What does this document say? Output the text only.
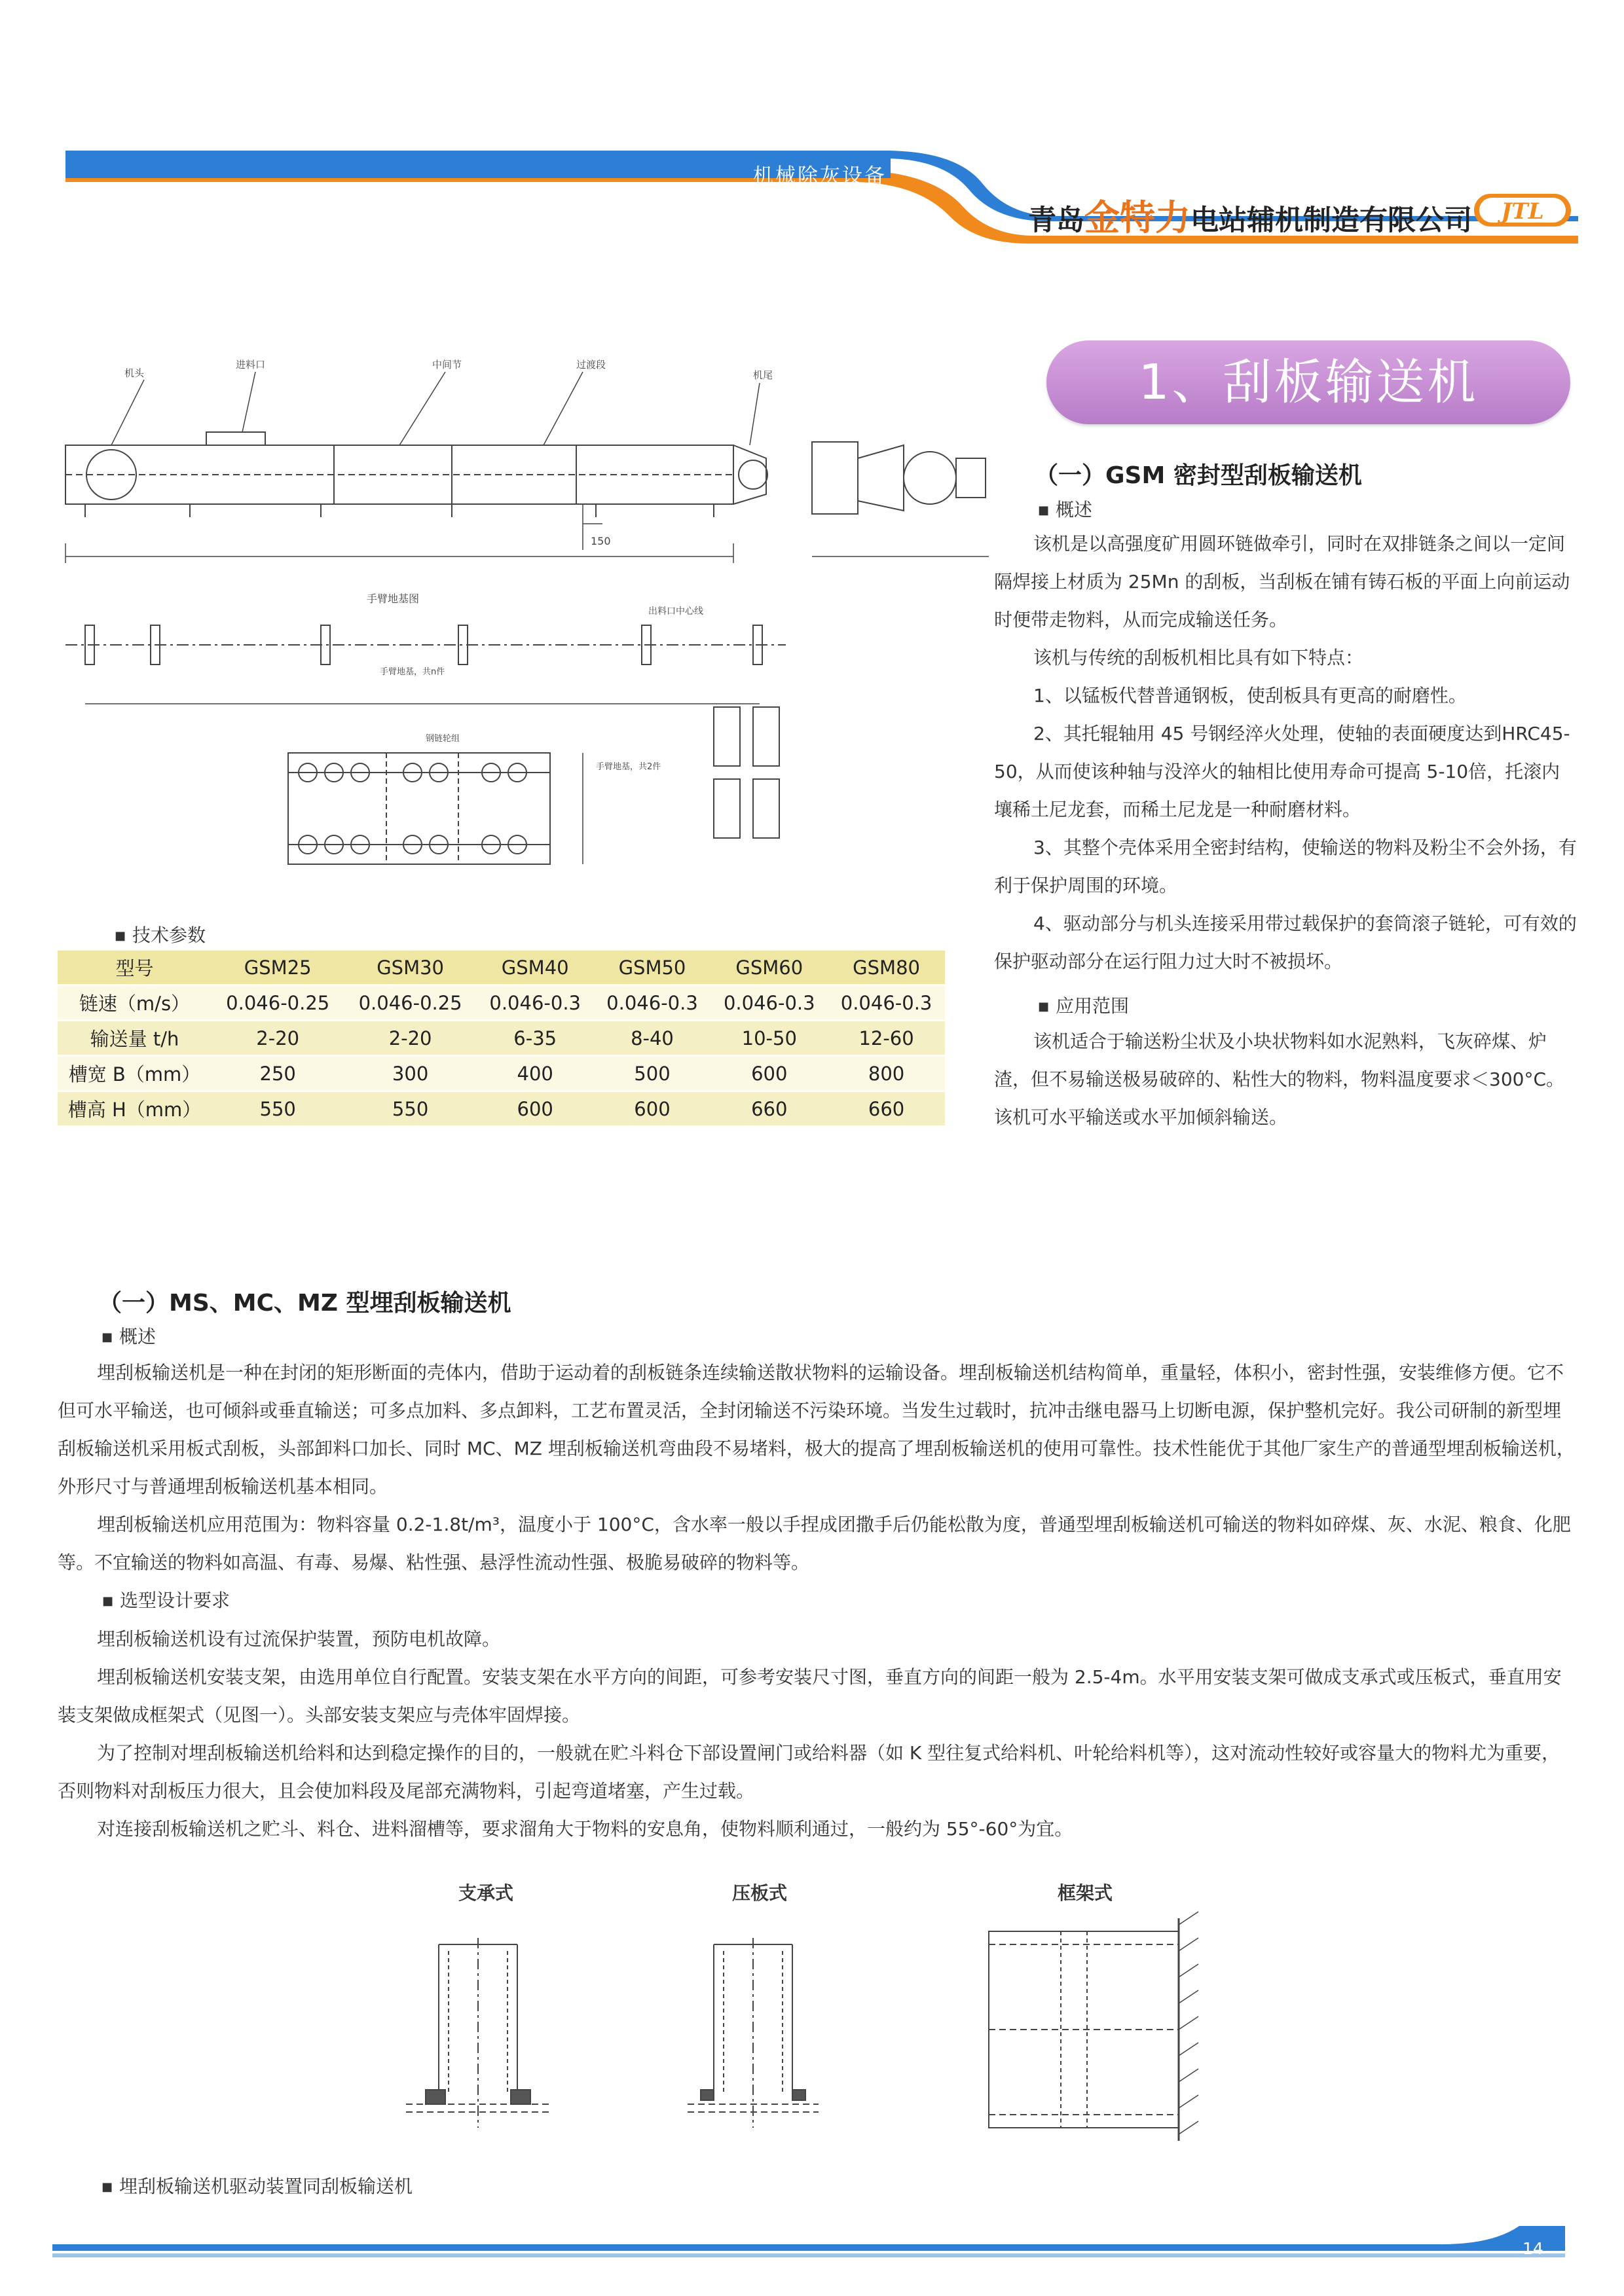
机械除灰设备
青岛金特力电站辅机制造有限公司 JTL
1、刮板输送机
（一）GSM 密封型刮板输送机
■ 概述

该机是以高强度矿用圆环链做牵引，同时在双排链条之间以一定间隔焊接上材质为 25Mn 的刮板，当刮板在铺有铸石板的平面上向前运动时便带走物料，从而完成输送任务。

该机与传统的刮板机相比具有如下特点：

1、以锰板代替普通钢板，使刮板具有更高的耐磨性。

2、其托辊轴用 45 号钢经淬火处理，使轴的表面硬度达到HRC45-50，从而使该种轴与没淬火的轴相比使用寿命可提高 5-10倍，托滚内壤稀土尼龙套，而稀土尼龙是一种耐磨材料。

3、其整个壳体采用全密封结构，使输送的物料及粉尘不会外扬，有利于保护周围的环境。

4、驱动部分与机头连接采用带过载保护的套筒滚子链轮，可有效的保护驱动部分在运行阻力过大时不被损坏。

■ 应用范围

该机适合于输送粉尘状及小块状物料如水泥熟料，飞灰碎煤、炉渣，但不易输送极易破碎的、粘性大的物料，物料温度要求＜300°C。该机可水平输送或水平加倾斜输送。

150
机头
进料口	中间节	过渡段
机尾
手臂地基图
出料口中心线
手臂地基，共n件
钢链轮组
手臂地基，共2件
■ 技术参数
型号	GSM25	GSM30	GSM40	GSM50	GSM60	GSM80
链速（m/s）	0.046-0.25	0.046-0.25	0.046-0.3	0.046-0.3	0.046-0.3	0.046-0.3
输送量 t/h	2-20	2-20	6-35	8-40	10-50	12-60
槽宽 B（mm）	250	300	400	500	600	800
槽高 H（mm）	550	550	600	600	660	660
（一）MS、MC、MZ 型埋刮板输送机
■ 概述

埋刮板输送机是一种在封闭的矩形断面的壳体内，借助于运动着的刮板链条连续输送散状物料的运输设备。埋刮板输送机结构简单，重量轻，体积小，密封性强，安装维修方便。它不但可水平输送，也可倾斜或垂直输送；可多点加料、多点卸料，工艺布置灵活，全封闭输送不污染环境。当发生过载时，抗冲击继电器马上切断电源，保护整机完好。我公司研制的新型埋刮板输送机采用板式刮板，头部卸料口加长、同时 MC、MZ 埋刮板输送机弯曲段不易堵料，极大的提高了埋刮板输送机的使用可靠性。技术性能优于其他厂家生产的普通型埋刮板输送机，外形尺寸与普通埋刮板输送机基本相同。

埋刮板输送机应用范围为：物料容量 0.2-1.8t/m³，温度小于 100°C，含水率一般以手捏成团撒手后仍能松散为度，普通型埋刮板输送机可输送的物料如碎煤、灰、水泥、粮食、化肥等。不宜输送的物料如高温、有毒、易爆、粘性强、悬浮性流动性强、极脆易破碎的物料等。

■ 选型设计要求

埋刮板输送机设有过流保护装置，预防电机故障。

埋刮板输送机安装支架，由选用单位自行配置。安装支架在水平方向的间距，可参考安装尺寸图，垂直方向的间距一般为 2.5-4m。水平用安装支架可做成支承式或压板式，垂直用安装支架做成框架式（见图一）。头部安装支架应与壳体牢固焊接。

为了控制对埋刮板输送机给料和达到稳定操作的目的，一般就在贮斗料仓下部设置闸门或给料器（如 K 型往复式给料机、叶轮给料机等），这对流动性较好或容量大的物料尤为重要，否则物料对刮板压力很大，且会使加料段及尾部充满物料，引起弯道堵塞，产生过载。

对连接刮板输送机之贮斗、料仓、进料溜槽等，要求溜角大于物料的安息角，使物料顺利通过，一般约为 55°-60°为宜。

支承式	压板式	框架式
■ 埋刮板输送机驱动装置同刮板输送机
14
